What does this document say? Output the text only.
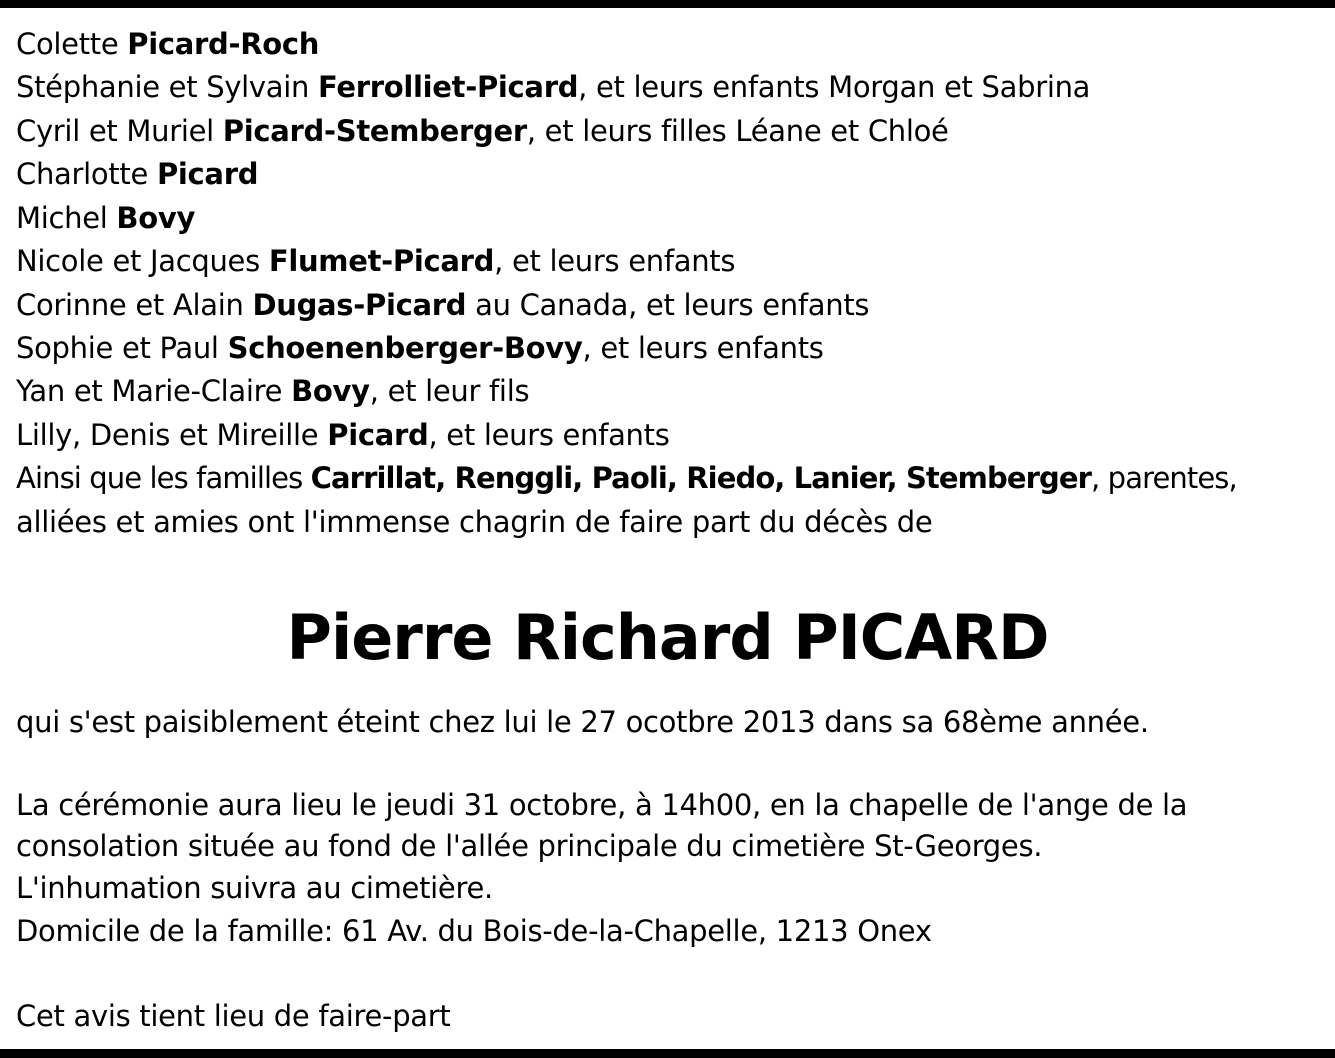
Colette Picard-Roch
Stéphanie et Sylvain Ferrolliet-Picard, et leurs enfants Morgan et Sabrina
Cyril et Muriel Picard-Stemberger, et leurs filles Léane et Chloé
Charlotte Picard
Michel Bovy
Nicole et Jacques Flumet-Picard, et leurs enfants
Corinne et Alain Dugas-Picard au Canada, et leurs enfants
Sophie et Paul Schoenenberger-Bovy, et leurs enfants
Yan et Marie-Claire Bovy, et leur fils
Lilly, Denis et Mireille Picard, et leurs enfants
Ainsi que les familles Carrillat, Renggli, Paoli, Riedo, Lanier, Stemberger, parentes,
alliées et amies ont l'immense chagrin de faire part du décès de
Pierre Richard PICARD
qui s'est paisiblement éteint chez lui le 27 ocotbre 2013 dans sa 68ème année.
La cérémonie aura lieu le jeudi 31 octobre, à 14h00, en la chapelle de l'ange de la
consolation située au fond de l'allée principale du cimetière St-Georges.
L'inhumation suivra au cimetière.
Domicile de la famille: 61 Av. du Bois-de-la-Chapelle, 1213 Onex
Cet avis tient lieu de faire-part
